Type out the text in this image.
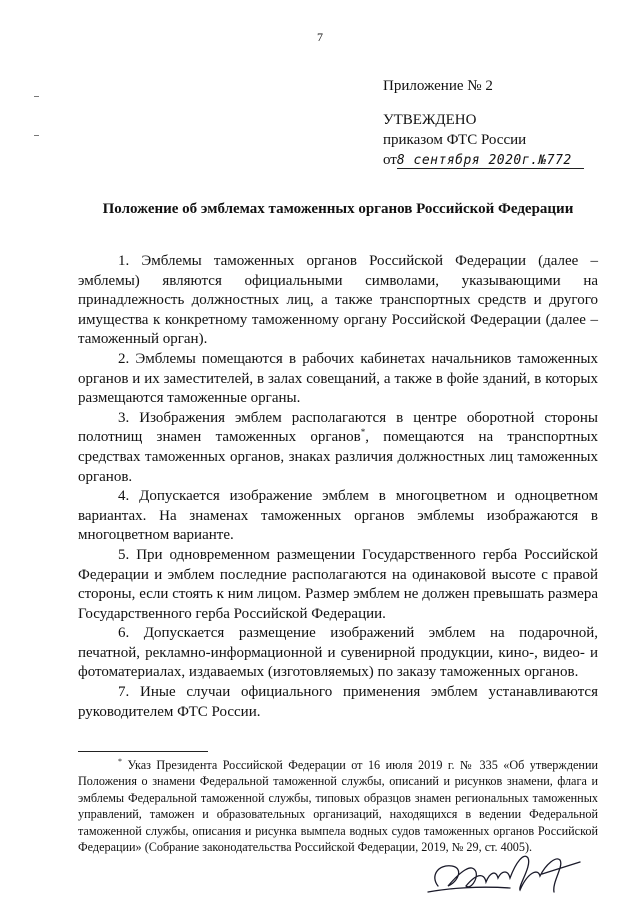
7
Приложение № 2
УТВЕЖДЕНО
приказом ФТС России
от8 сентября 2020г.№772
Положение об эмблемах таможенных органов Российской Федерации

1. Эмблемы таможенных органов Российской Федерации (далее – эмблемы) являются официальными символами, указывающими на принадлежность должностных лиц, а также транспортных средств и другого имущества к конкретному таможенному органу Российской Федерации (далее – таможенный орган).

2. Эмблемы помещаются в рабочих кабинетах начальников таможенных органов и их заместителей, в залах совещаний, а также в фойе зданий, в которых размещаются таможенные органы.

3. Изображения эмблем располагаются в центре оборотной стороны полотнищ знамен таможенных органов*, помещаются на транспортных средствах таможенных органов, знаках различия должностных лиц таможенных органов.

4. Допускается изображение эмблем в многоцветном и одноцветном вариантах. На знаменах таможенных органов эмблемы изображаются в многоцветном варианте.

5. При одновременном размещении Государственного герба Российской Федерации и эмблем последние располагаются на одинаковой высоте с правой стороны, если стоять к ним лицом. Размер эмблем не должен превышать размера Государственного герба Российской Федерации.

6. Допускается размещение изображений эмблем на подарочной, печатной, рекламно-информационной и сувенирной продукции, кино-, видео- и фотоматериалах, издаваемых (изготовляемых) по заказу таможенных органов.

7. Иные случаи официального применения эмблем устанавливаются руководителем ФТС России.

* Указ Президента Российской Федерации от 16 июля 2019 г. № 335 «Об утверждении Положения о знамени Федеральной таможенной службы, описаний и рисунков знамени, флага и эмблемы Федеральной таможенной службы, типовых образцов знамен региональных таможенных управлений, таможен и образовательных организаций, находящихся в ведении Федеральной таможенной службы, описания и рисунка вымпела водных судов таможенных органов Российской Федерации» (Собрание законодательства Российской Федерации, 2019, № 29, ст. 4005).
